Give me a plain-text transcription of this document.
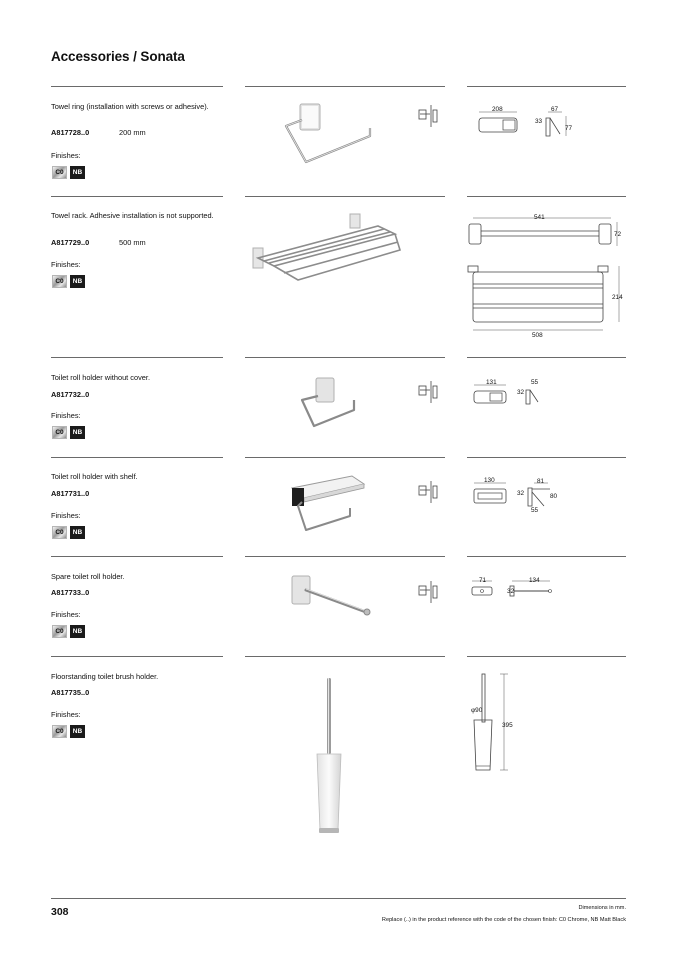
Accessories / Sonata
Towel ring (installation with screws or adhesive).
A817728..0	200 mm
Finishes:
C0	NB
208	67
33
77
Towel rack. Adhesive installation is not supported.
A817729..0	500 mm
Finishes:
C0	NB
541
72
214
508
Toilet roll holder without cover.
A817732..0
Finishes:
C0	NB
131	55
32
Toilet roll holder with shelf.
A817731..0
Finishes:
C0	NB
130	81
32	80
55
Spare toilet roll holder.
A817733..0
Finishes:
C0	NB
71	134
32
Floorstanding toilet brush holder.
A817735..0
Finishes:
C0	NB
φ90
395
308	Dimensions in mm.
Replace (..) in the product reference with the code of the chosen finish: C0 Chrome, NB Matt Black
